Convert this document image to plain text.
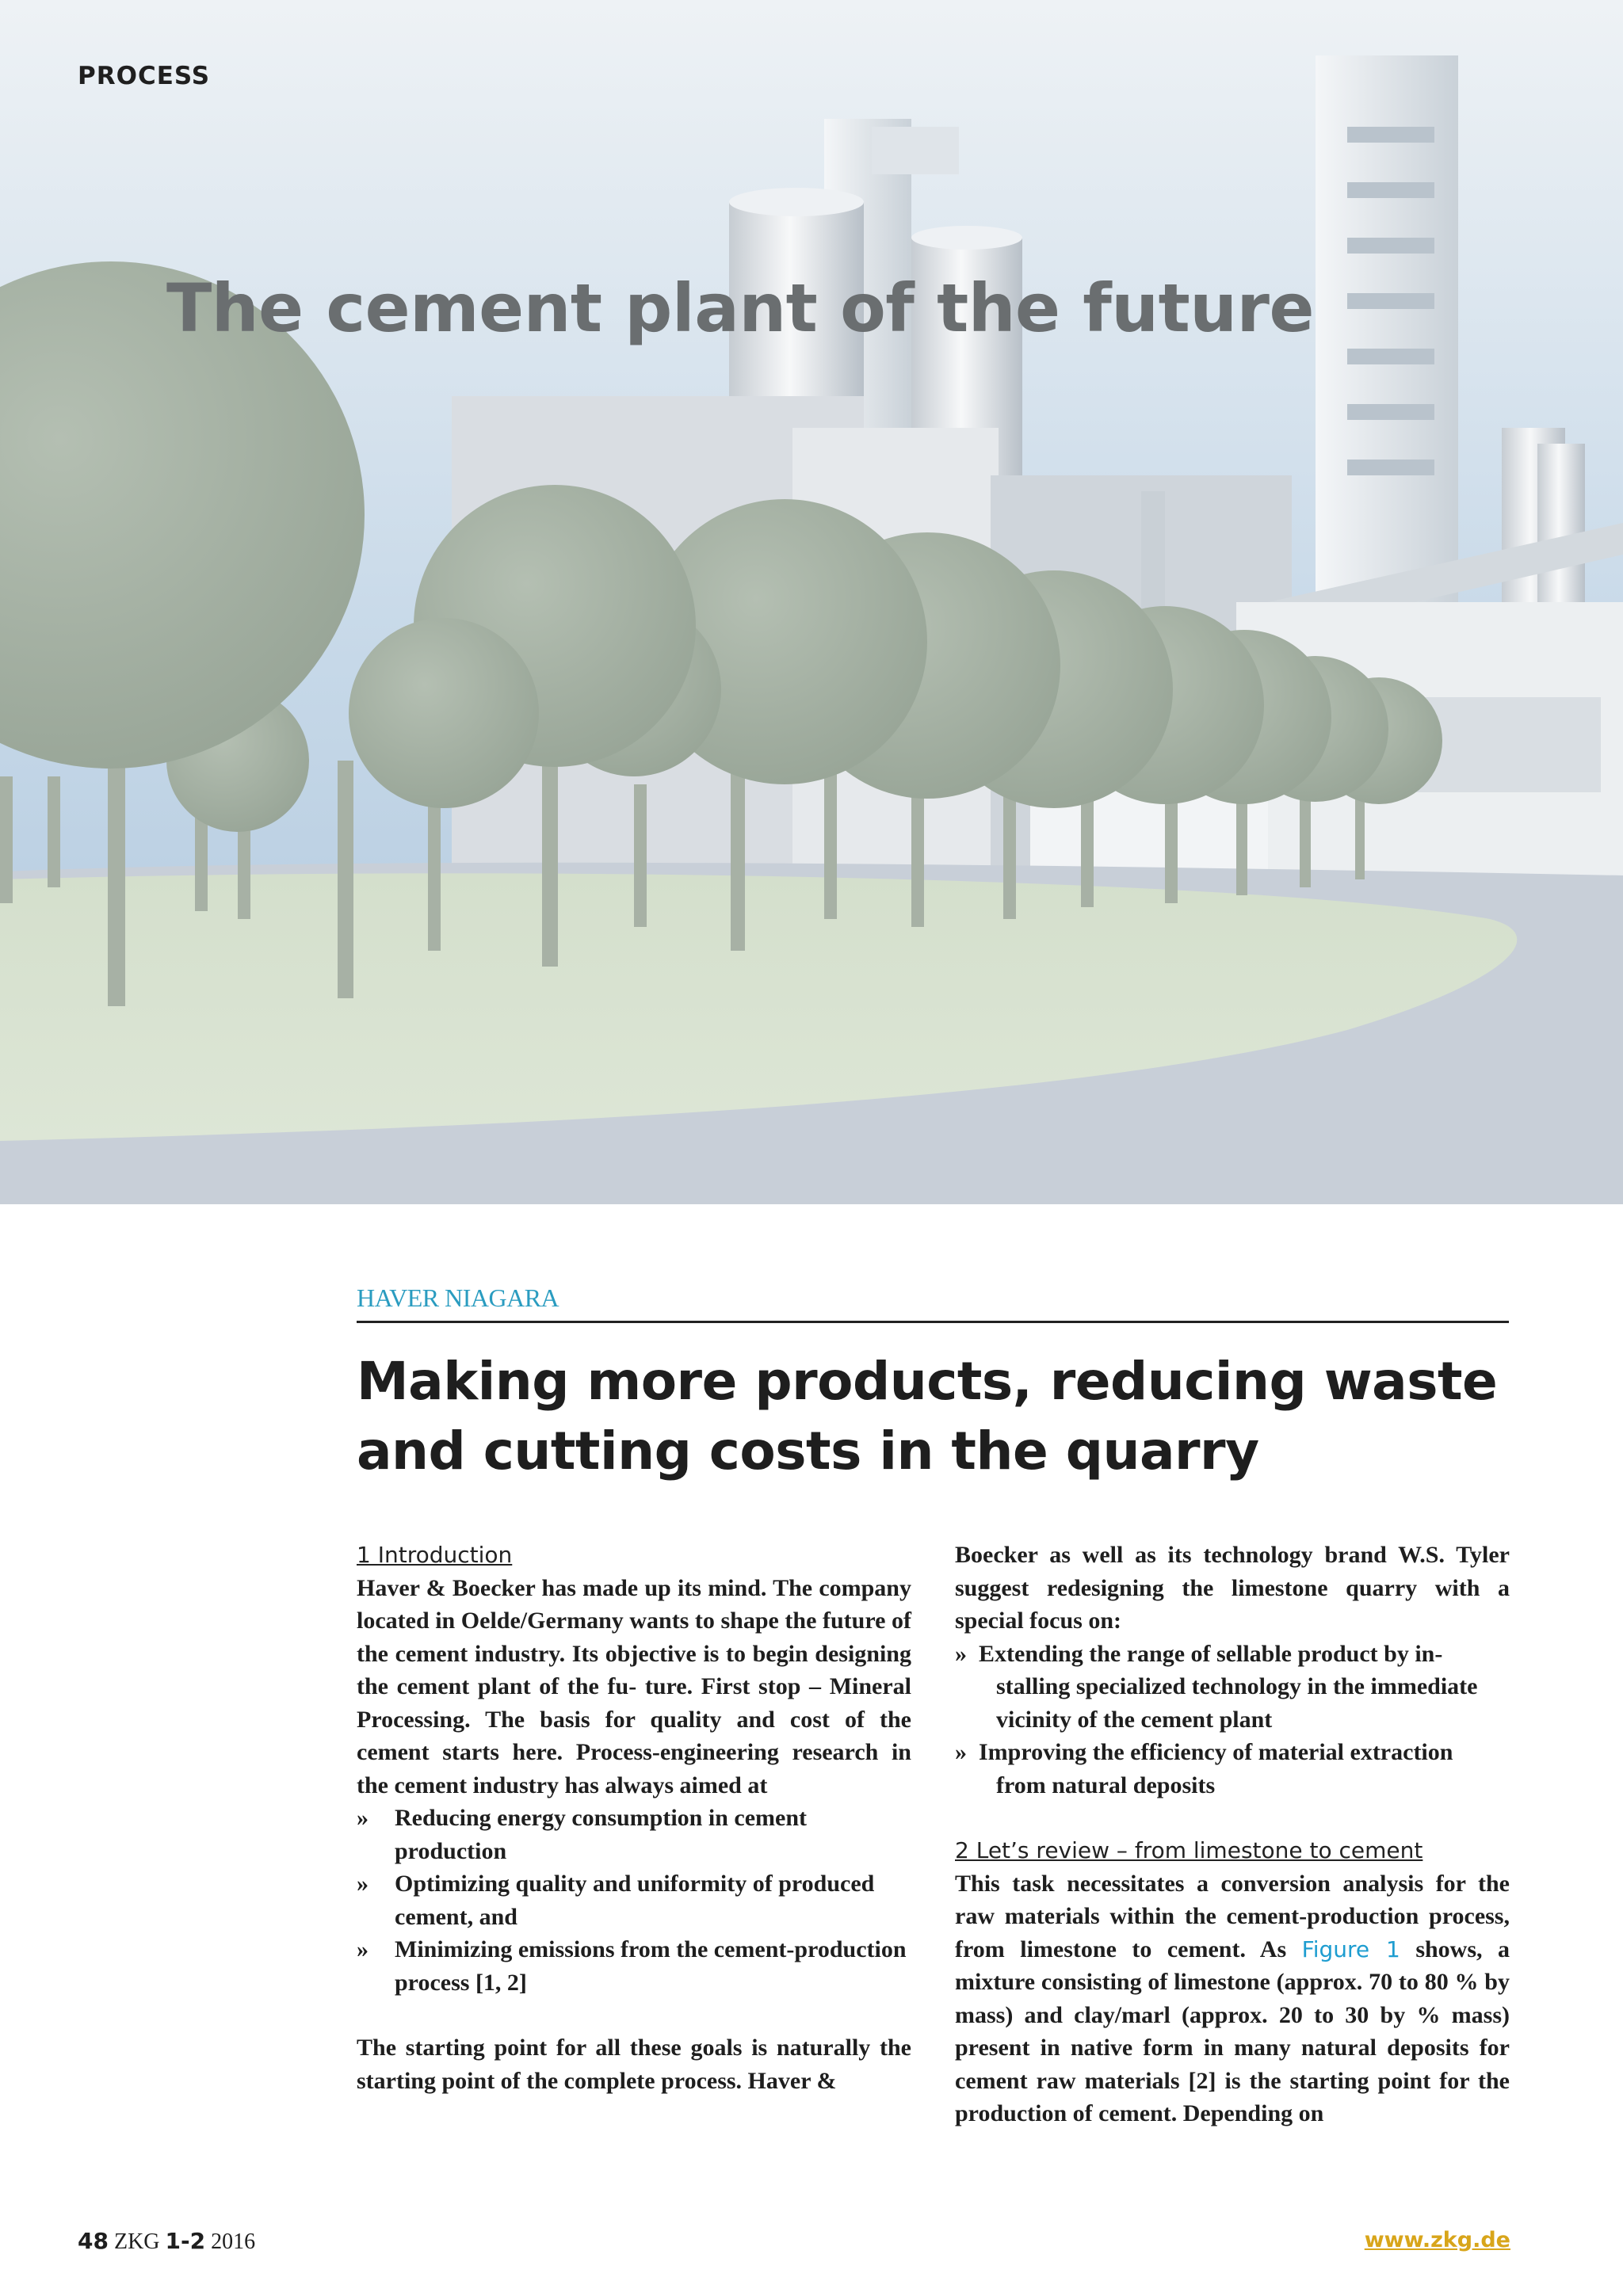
PROCESS
The cement plant of the future
HAVER NIAGARA
Making more products, reducing waste and cutting costs in the quarry
1 Introduction

Haver & Boecker has made up its mind. The company located in Oelde/Germany wants to shape the future of the cement industry. Its objective is to begin designing the cement plant of the fu- ture. First stop – Mineral Processing. The basis for quality and cost of the cement starts here. Process-engineering research in the cement industry has always aimed at

» Reducing energy consumption in cement production
» Optimizing quality and uniformity of produced cement, and
» Minimizing emissions from the cement-production process [1, 2]

The starting point for all these goals is naturally the starting point of the complete process. Haver &

Boecker as well as its technology brand W.S. Tyler suggest redesigning the limestone quarry with a special focus on:

» Extending the range of sellable product by in-
stalling specialized technology in the immediate vicinity of the cement plant
» Improving the efficiency of material extraction
from natural deposits
2 Let’s review – from limestone to cement

This task necessitates a conversion analysis for the raw materials within the cement-production process, from limestone to cement. As Figure 1 shows, a mixture consisting of limestone (approx. 70 to 80 % by mass) and clay/marl (approx. 20 to 30 by % mass) present in native form in many natural deposits for cement raw materials [2] is the starting point for the production of cement. Depending on

48 ZKG 1-2 2016	www.zkg.de
